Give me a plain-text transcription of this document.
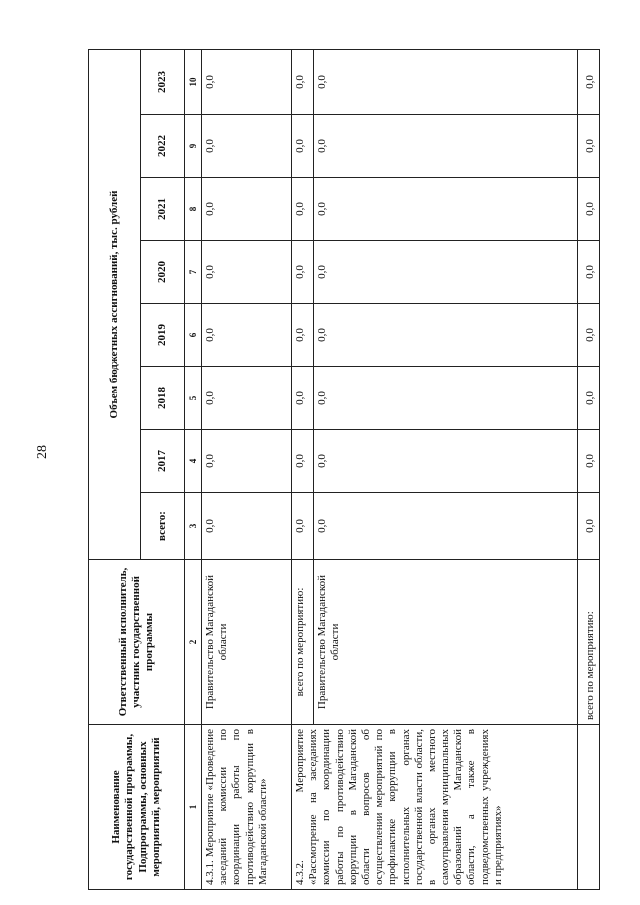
28
Наименование государственной программы, Подпрограммы, основных мероприятий, мероприятий	Ответственный исполнитель, участник государственной программы	Объем бюджетных ассигнований, тыс. рублей							
		всего:	2017	2018	2019	2020	2021	2022	2023
1	2	3	4	5	6	7	8	9	10
4.3.1. Мероприятие «Проведение заседаний комиссии по координации работы по противодействию коррупции в Магаданской области»	Правительство Магаданской области	0,0	0,0	0,0	0,0	0,0	0,0	0,0	0,0
4.3.2. Мероприятие «Рассмотрение на заседаниях комиссии по координации работы по противодействию коррупции в Магаданской области вопросов об осуществлении мероприятий по профилактике коррупции в исполнительных органах государственной власти области, в органах местного самоуправления муниципальных образований Магаданской области, а также в подведомственных учреждениях и предприятиях»	всего по мероприятию:	0,0	0,0	0,0	0,0	0,0	0,0	0,0	0,0
	Правительство Магаданской области	0,0	0,0	0,0	0,0	0,0	0,0	0,0	0,0
	всего по мероприятию:	0,0	0,0	0,0	0,0	0,0	0,0	0,0	0,0
